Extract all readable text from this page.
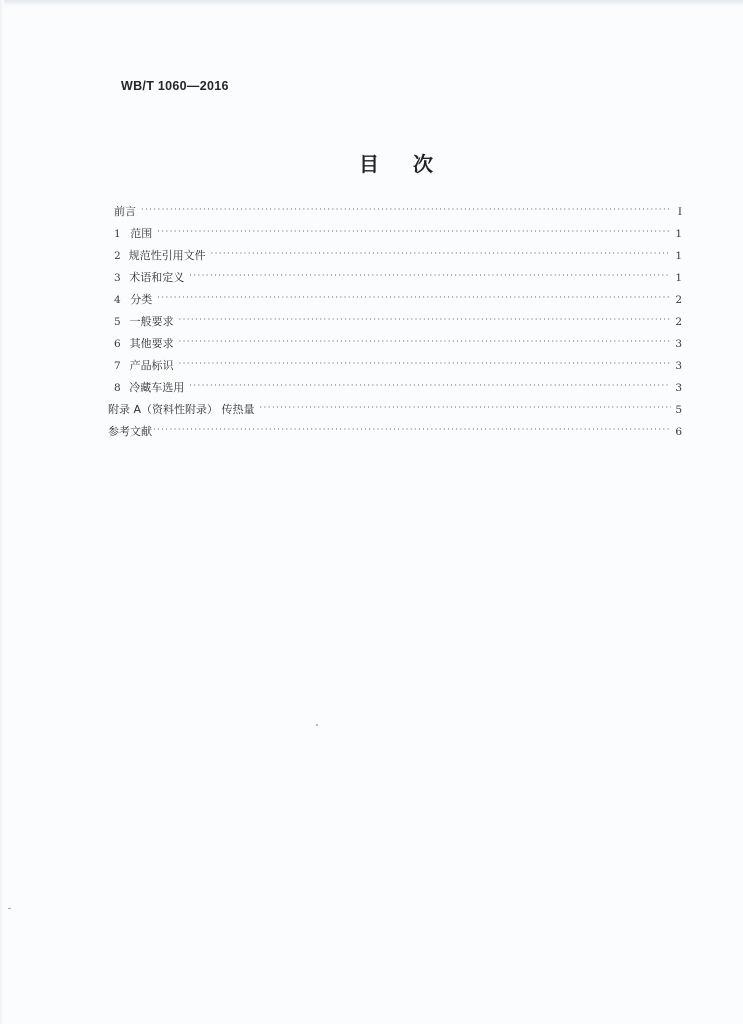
WB/T 1060—2016
目次
前言 ·····	Ⅰ
1 范围 ·····	1
2 规范性引用文件 ·····	1
3 术语和定义 ·····	1
4 分类 ·····	2
5 一般要求 ·····	2
6 其他要求 ·····	3
7 产品标识 ·····	3
8 冷藏车选用 ·····	3
附录 A（资料性附录） 传热量 ·····	5
参考文献 ·····	6
